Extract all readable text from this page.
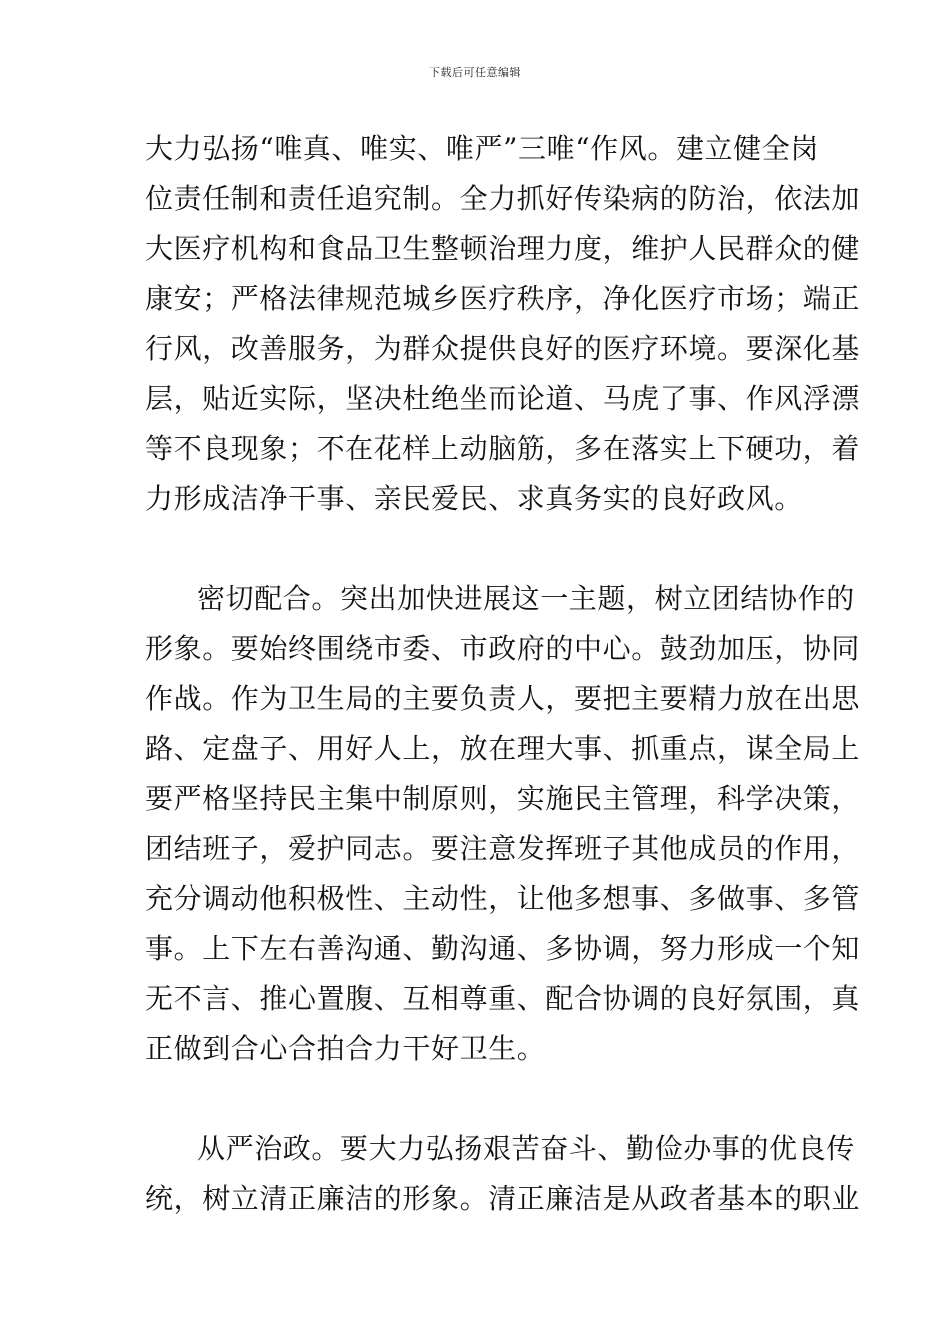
下载后可任意编辑
大力弘扬“唯真、唯实、唯严”三唯“作风。建立健全岗
位责任制和责任追究制。全力抓好传染病的防治，依法加
大医疗机构和食品卫生整顿治理力度，维护人民群众的健
康安；严格法律规范城乡医疗秩序，净化医疗市场；端正
行风，改善服务，为群众提供良好的医疗环境。要深化基
层，贴近实际，坚决杜绝坐而论道、马虎了事、作风浮漂
等不良现象；不在花样上动脑筋，多在落实上下硬功，着
力形成洁净干事、亲民爱民、求真务实的良好政风。
密切配合。突出加快进展这一主题，树立团结协作的
形象。要始终围绕市委、市政府的中心。鼓劲加压，协同
作战。作为卫生局的主要负责人，要把主要精力放在出思
路、定盘子、用好人上，放在理大事、抓重点，谋全局上
要严格坚持民主集中制原则，实施民主管理，科学决策，
团结班子，爱护同志。要注意发挥班子其他成员的作用，
充分调动他积极性、主动性，让他多想事、多做事、多管
事。上下左右善沟通、勤沟通、多协调，努力形成一个知
无不言、推心置腹、互相尊重、配合协调的良好氛围，真
正做到合心合拍合力干好卫生。
从严治政。要大力弘扬艰苦奋斗、勤俭办事的优良传
统，树立清正廉洁的形象。清正廉洁是从政者基本的职业
